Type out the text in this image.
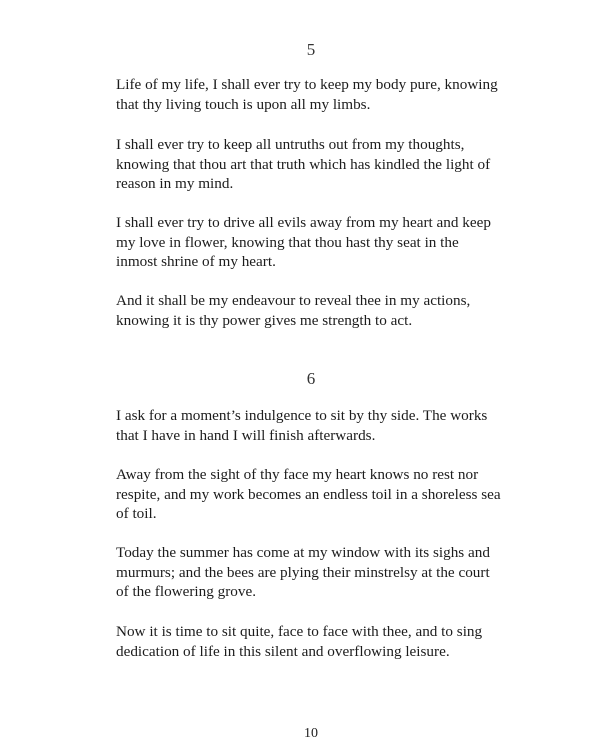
5

Life of my life, I shall ever try to keep my body pure, knowing
that thy living touch is upon all my limbs.

I shall ever try to keep all untruths out from my thoughts,
knowing that thou art that truth which has kindled the light of
reason in my mind.

I shall ever try to drive all evils away from my heart and keep
my love in flower, knowing that thou hast thy seat in the
inmost shrine of my heart.

And it shall be my endeavour to reveal thee in my actions,
knowing it is thy power gives me strength to act.

6

I ask for a moment’s indulgence to sit by thy side. The works
that I have in hand I will finish afterwards.

Away from the sight of thy face my heart knows no rest nor
respite, and my work becomes an endless toil in a shoreless sea
of toil.

Today the summer has come at my window with its sighs and
murmurs; and the bees are plying their minstrelsy at the court
of the flowering grove.

Now it is time to sit quite, face to face with thee, and to sing
dedication of life in this silent and overflowing leisure.

10
